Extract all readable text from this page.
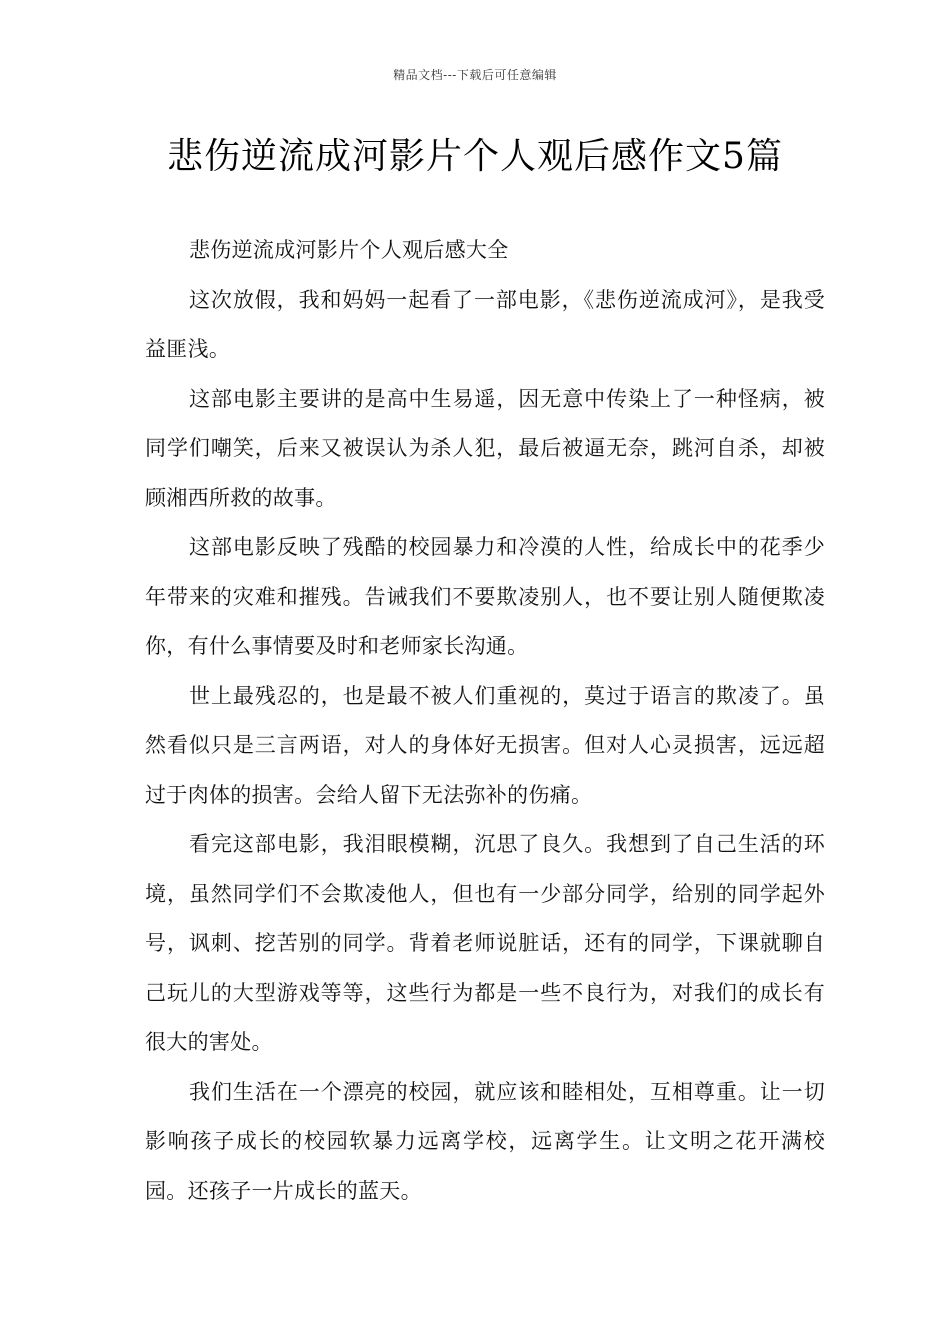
精品文档---下载后可任意编辑
悲伤逆流成河影片个人观后感作文5篇

悲伤逆流成河影片个人观后感大全

这次放假，我和妈妈一起看了一部电影，《悲伤逆流成河》，是我受益匪浅。

这部电影主要讲的是高中生易遥，因无意中传染上了一种怪病，被同学们嘲笑，后来又被误认为杀人犯，最后被逼无奈，跳河自杀，却被顾湘西所救的故事。

这部电影反映了残酷的校园暴力和冷漠的人性，给成长中的花季少年带来的灾难和摧残。告诫我们不要欺凌别人，也不要让别人随便欺凌你，有什么事情要及时和老师家长沟通。

世上最残忍的，也是最不被人们重视的，莫过于语言的欺凌了。虽然看似只是三言两语，对人的身体好无损害。但对人心灵损害，远远超过于肉体的损害。会给人留下无法弥补的伤痛。

看完这部电影，我泪眼模糊，沉思了良久。我想到了自己生活的环境，虽然同学们不会欺凌他人，但也有一少部分同学，给别的同学起外号，讽刺、挖苦别的同学。背着老师说脏话，还有的同学，下课就聊自己玩儿的大型游戏等等，这些行为都是一些不良行为，对我们的成长有很大的害处。

我们生活在一个漂亮的校园，就应该和睦相处，互相尊重。让一切影响孩子成长的校园软暴力远离学校，远离学生。让文明之花开满校园。还孩子一片成长的蓝天。
